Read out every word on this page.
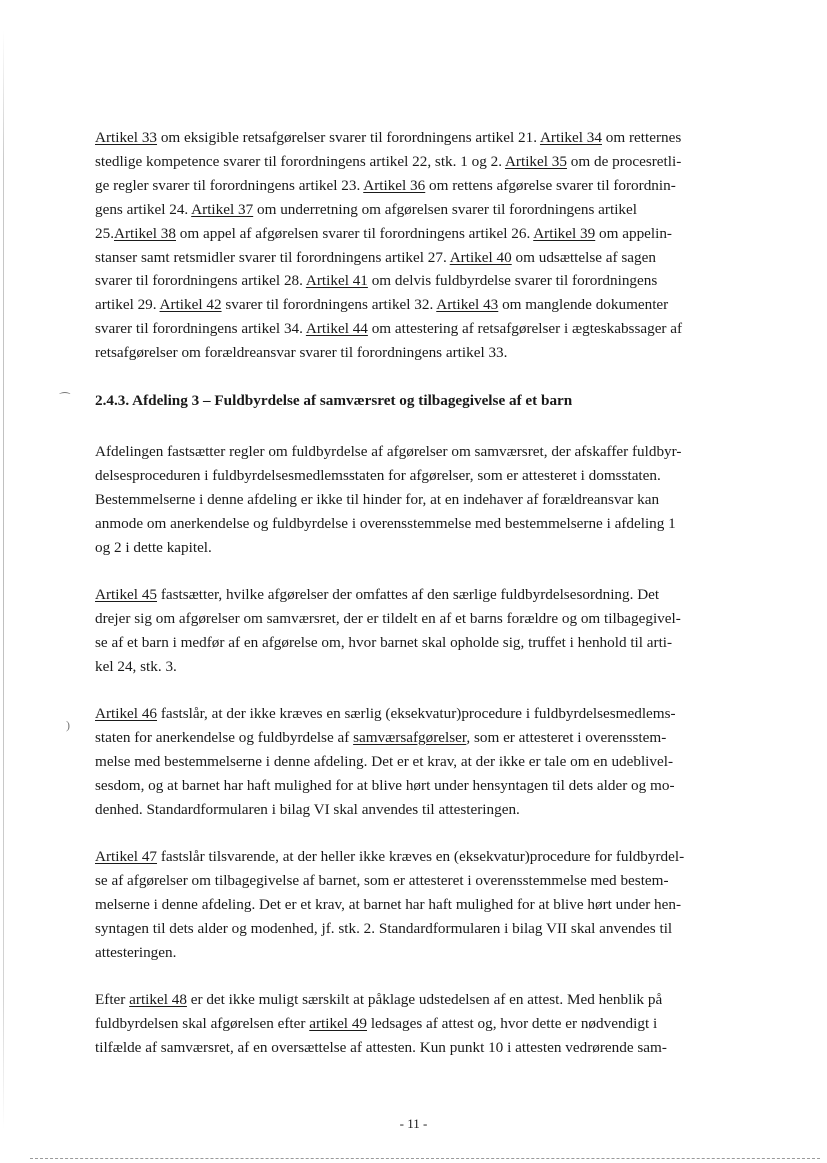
⁀
)
Artikel 33 om eksigible retsafgørelser svarer til forordningens artikel 21. Artikel 34 om retternes
stedlige kompetence svarer til forordningens artikel 22, stk. 1 og 2. Artikel 35 om de procesretli-
ge regler svarer til forordningens artikel 23. Artikel 36 om rettens afgørelse svarer til forordnin-
gens artikel 24. Artikel 37 om underretning om afgørelsen svarer til forordningens artikel
25.Artikel 38 om appel af afgørelsen svarer til forordningens artikel 26. Artikel 39 om appelin-
stanser samt retsmidler svarer til forordningens artikel 27. Artikel 40 om udsættelse af sagen
svarer til forordningens artikel 28. Artikel 41 om delvis fuldbyrdelse svarer til forordningens
artikel 29. Artikel 42 svarer til forordningens artikel 32. Artikel 43 om manglende dokumenter
svarer til forordningens artikel 34. Artikel 44 om attestering af retsafgørelser i ægteskabssager af
retsafgørelser om forældreansvar svarer til forordningens artikel 33.
2.4.3. Afdeling 3 – Fuldbyrdelse af samværsret og tilbagegivelse af et barn
Afdelingen fastsætter regler om fuldbyrdelse af afgørelser om samværsret, der afskaffer fuldbyr-
delsesproceduren i fuldbyrdelsesmedlemsstaten for afgørelser, som er attesteret i domsstaten.
Bestemmelserne i denne afdeling er ikke til hinder for, at en indehaver af forældreansvar kan
anmode om anerkendelse og fuldbyrdelse i overensstemmelse med bestemmelserne i afdeling 1
og 2 i dette kapitel.
Artikel 45 fastsætter, hvilke afgørelser der omfattes af den særlige fuldbyrdelsesordning. Det
drejer sig om afgørelser om samværsret, der er tildelt en af et barns forældre og om tilbagegivel-
se af et barn i medfør af en afgørelse om, hvor barnet skal opholde sig, truffet i henhold til arti-
kel 24, stk. 3.
Artikel 46 fastslår, at der ikke kræves en særlig (eksekvatur)procedure i fuldbyrdelsesmedlems-
staten for anerkendelse og fuldbyrdelse af samværsafgørelser, som er attesteret i overensstem-
melse med bestemmelserne i denne afdeling. Det er et krav, at der ikke er tale om en udeblivel-
sesdom, og at barnet har haft mulighed for at blive hørt under hensyntagen til dets alder og mo-
denhed. Standardformularen i bilag VI skal anvendes til attesteringen.
Artikel 47 fastslår tilsvarende, at der heller ikke kræves en (eksekvatur)procedure for fuldbyrdel-
se af afgørelser om tilbagegivelse af barnet, som er attesteret i overensstemmelse med bestem-
melserne i denne afdeling. Det er et krav, at barnet har haft mulighed for at blive hørt under hen-
syntagen til dets alder og modenhed, jf. stk. 2. Standardformularen i bilag VII skal anvendes til
attesteringen.
Efter artikel 48 er det ikke muligt særskilt at påklage udstedelsen af en attest. Med henblik på
fuldbyrdelsen skal afgørelsen efter artikel 49 ledsages af attest og, hvor dette er nødvendigt i
tilfælde af samværsret, af en oversættelse af attesten. Kun punkt 10 i attesten vedrørende sam-
- 11 -
